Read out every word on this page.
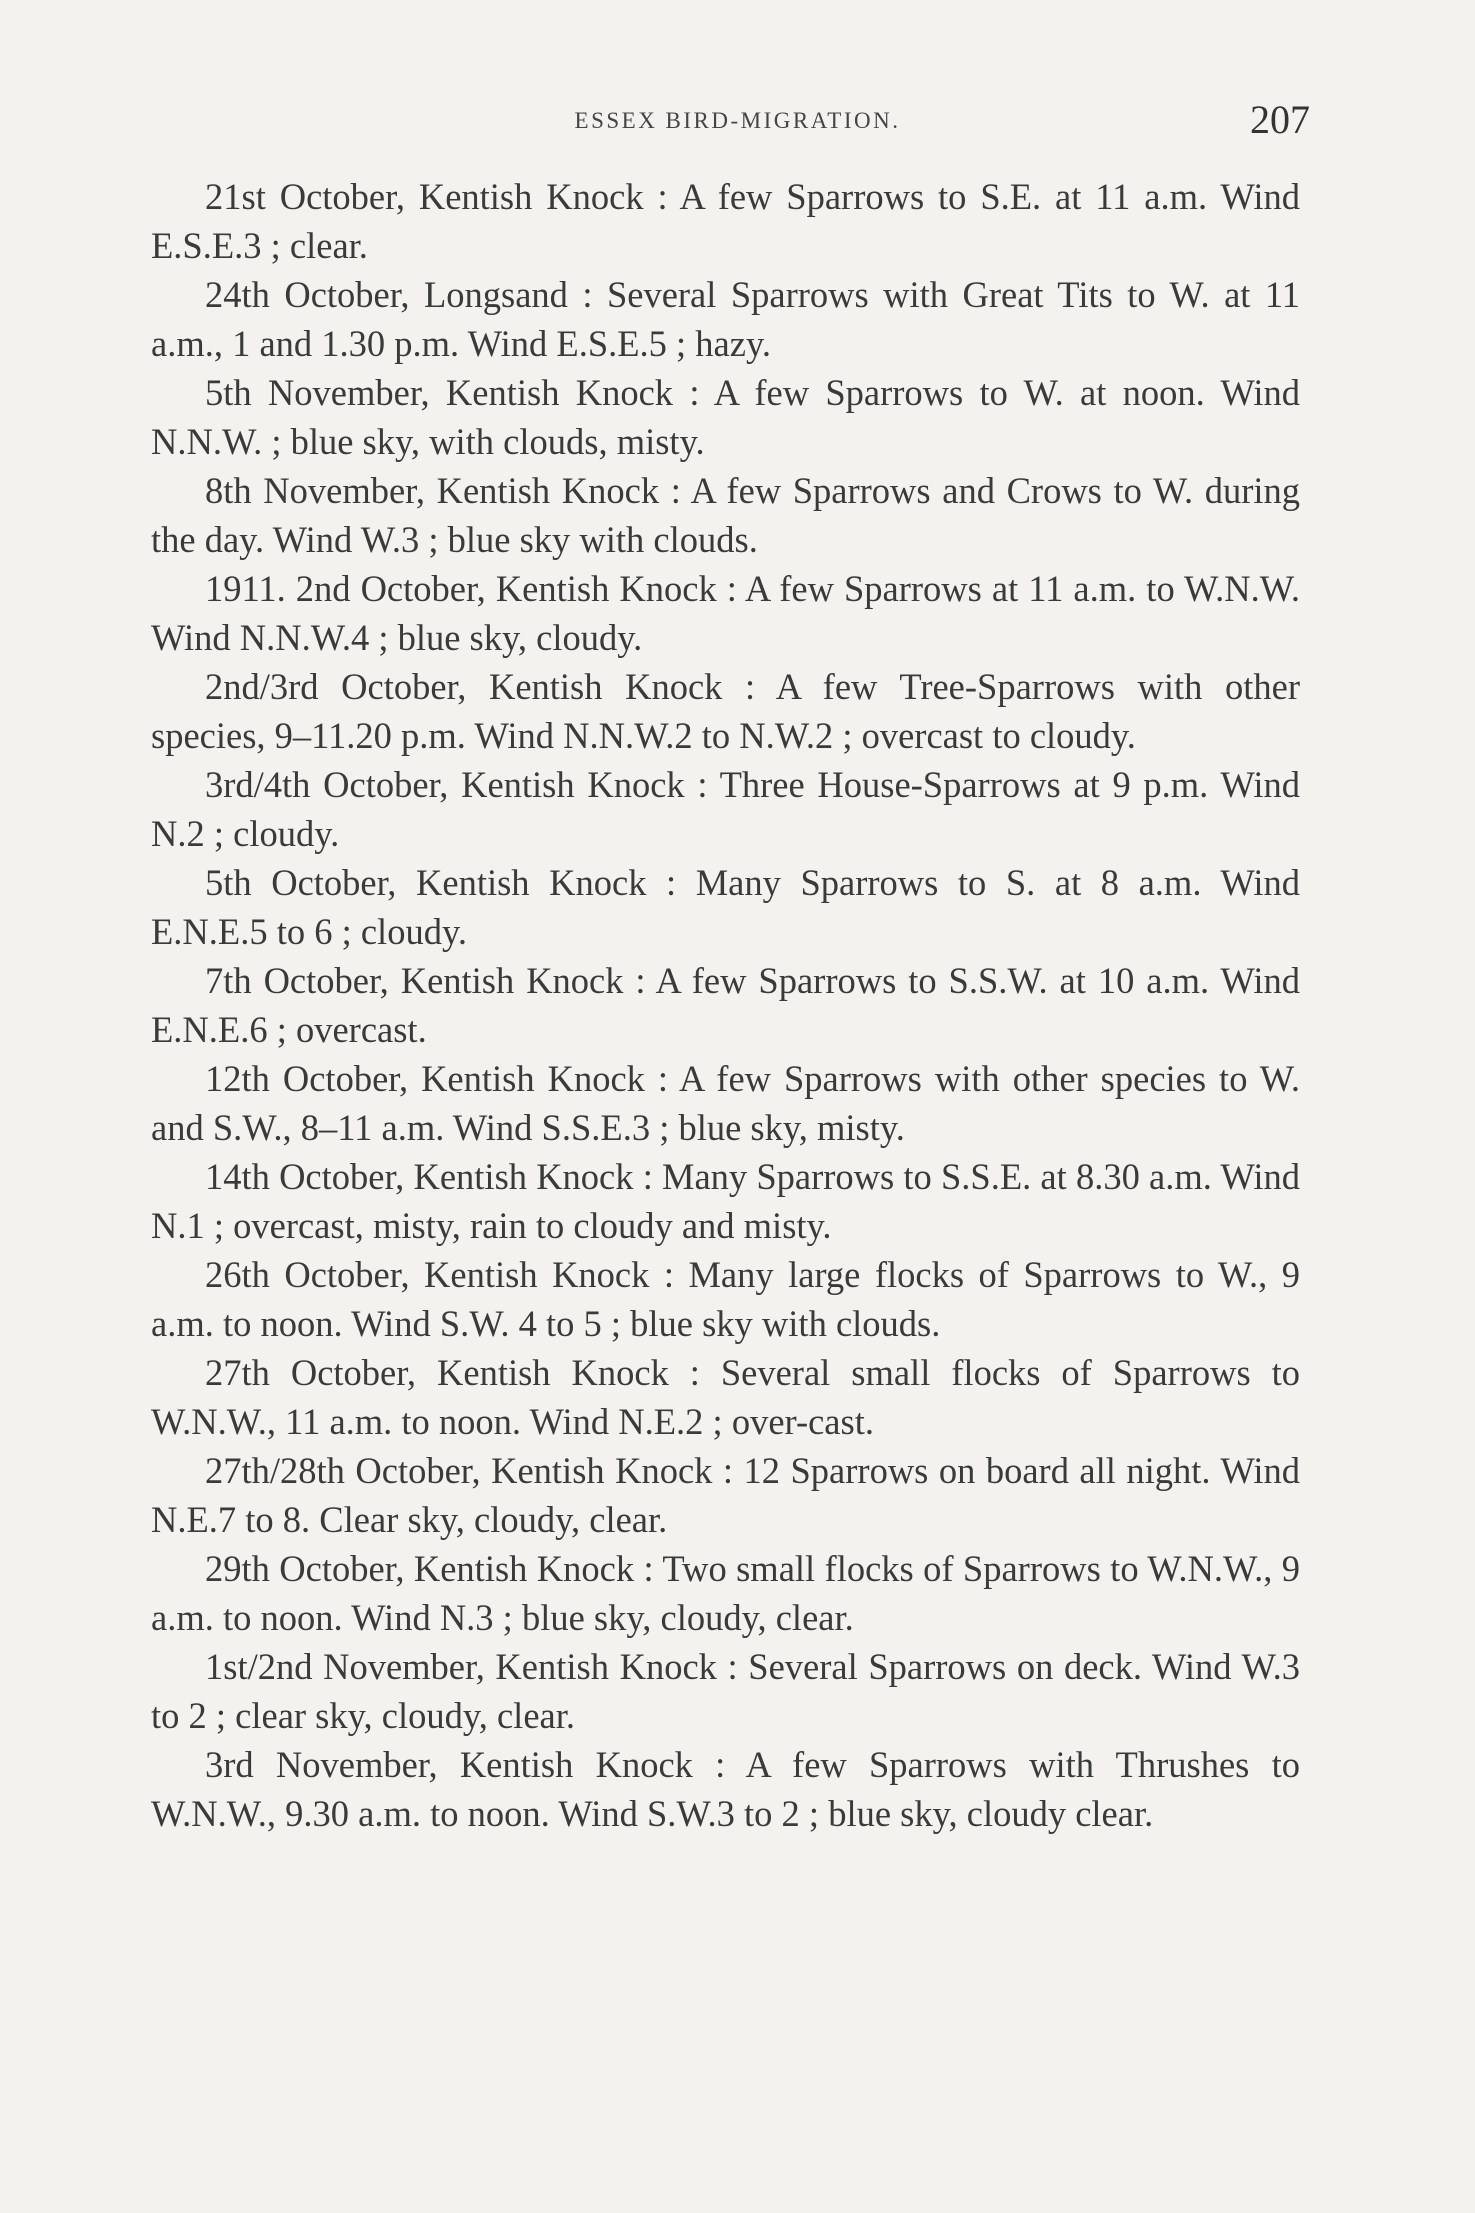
ESSEX BIRD-MIGRATION.	207

21st October, Kentish Knock : A few Sparrows to S.E. at 11 a.m. Wind E.S.E.3 ; clear.

24th October, Longsand : Several Sparrows with Great Tits to W. at 11 a.m., 1 and 1.30 p.m. Wind E.S.E.5 ; hazy.

5th November, Kentish Knock : A few Sparrows to W. at noon. Wind N.N.W. ; blue sky, with clouds, misty.

8th November, Kentish Knock : A few Sparrows and Crows to W. during the day. Wind W.3 ; blue sky with clouds.

1911. 2nd October, Kentish Knock : A few Sparrows at 11 a.m. to W.N.W. Wind N.N.W.4 ; blue sky, cloudy.

2nd/3rd October, Kentish Knock : A few Tree-Sparrows with other species, 9–11.20 p.m. Wind N.N.W.2 to N.W.2 ; overcast to cloudy.

3rd/4th October, Kentish Knock : Three House-Sparrows at 9 p.m. Wind N.2 ; cloudy.

5th October, Kentish Knock : Many Sparrows to S. at 8 a.m. Wind E.N.E.5 to 6 ; cloudy.

7th October, Kentish Knock : A few Sparrows to S.S.W. at 10 a.m. Wind E.N.E.6 ; overcast.

12th October, Kentish Knock : A few Sparrows with other species to W. and S.W., 8–11 a.m. Wind S.S.E.3 ; blue sky, misty.

14th October, Kentish Knock : Many Sparrows to S.S.E. at 8.30 a.m. Wind N.1 ; overcast, misty, rain to cloudy and misty.

26th October, Kentish Knock : Many large flocks of Sparrows to W., 9 a.m. to noon. Wind S.W. 4 to 5 ; blue sky with clouds.

27th October, Kentish Knock : Several small flocks of Sparrows to W.N.W., 11 a.m. to noon. Wind N.E.2 ; over-cast.

27th/28th October, Kentish Knock : 12 Sparrows on board all night. Wind N.E.7 to 8. Clear sky, cloudy, clear.

29th October, Kentish Knock : Two small flocks of Sparrows to W.N.W., 9 a.m. to noon. Wind N.3 ; blue sky, cloudy, clear.

1st/2nd November, Kentish Knock : Several Sparrows on deck. Wind W.3 to 2 ; clear sky, cloudy, clear.

3rd November, Kentish Knock : A few Sparrows with Thrushes to W.N.W., 9.30 a.m. to noon. Wind S.W.3 to 2 ; blue sky, cloudy clear.
